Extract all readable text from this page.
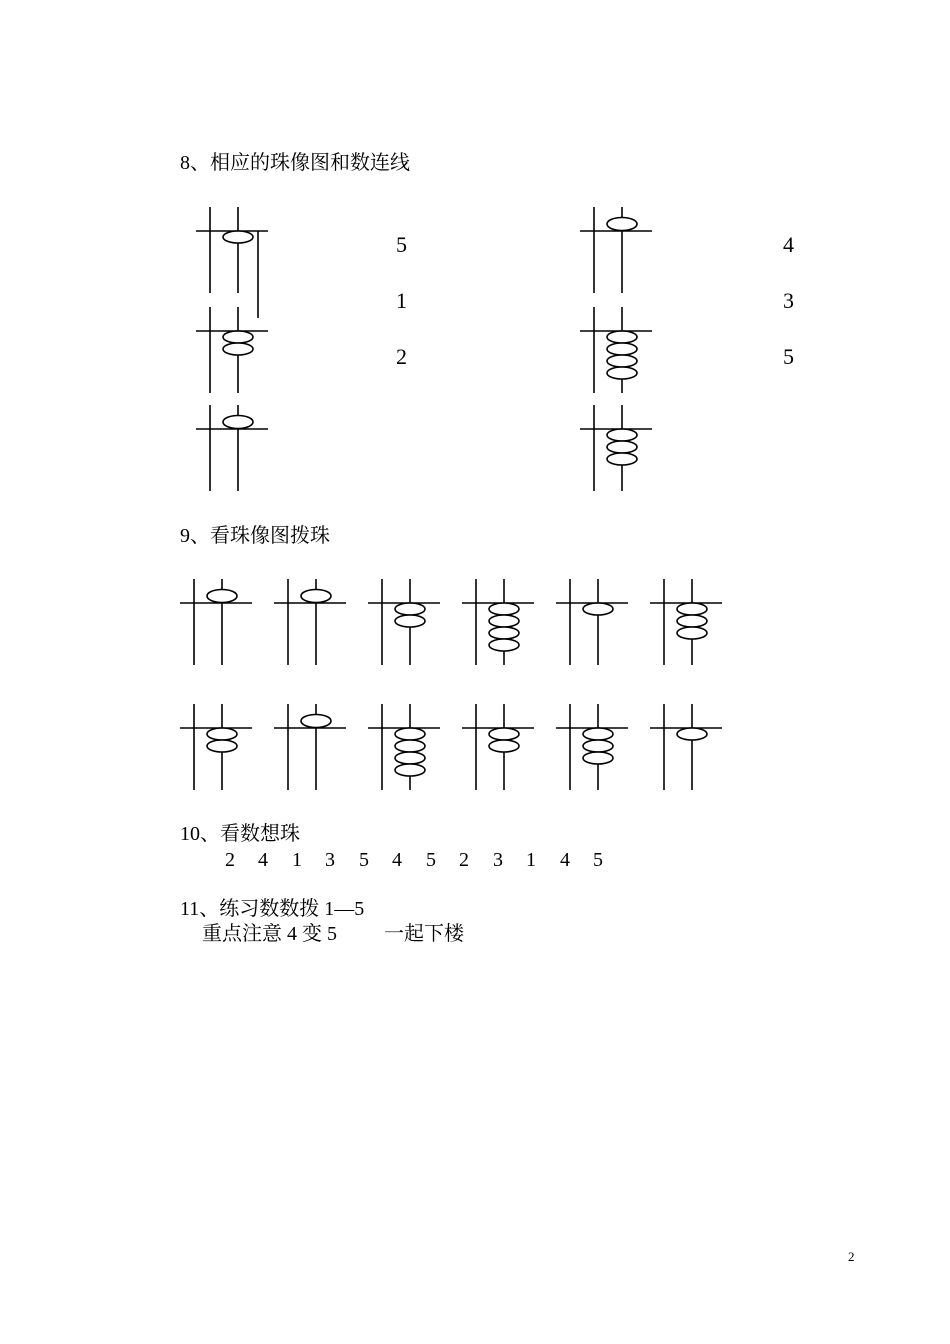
8、相应的珠像图和数连线
5
1
2
4
3
5
9、看珠像图拨珠
10、看数想珠

2

4

1

3

5

4

5

2

3

1

4

5

11、练习数数拨 1—5
重点注意 4 变 5 一起下楼
2
